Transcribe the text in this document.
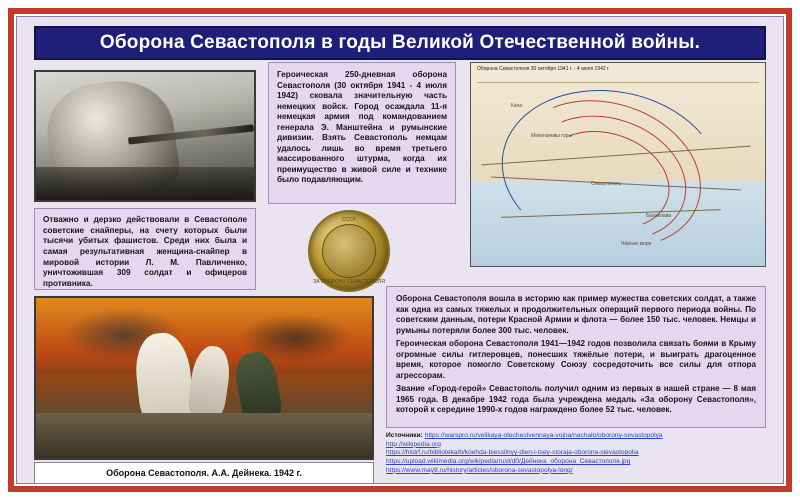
Оборона Севастополя в годы Великой Отечественной войны.
Героическая 250-дневная оборона Севастополя (30 октября 1941 - 4 июля 1942) сковала значительную часть немецких войск. Город осаждала 11-я немецкая армия под командованием генерала Э. Манштейна и румынские дивизии. Взять Севастополь немцам удалось лишь во время третьего массированного штурма, когда их преимущество в живой силе и технике было подавляющим.
Оборона Севастополя 30 октября 1941 г. - 4 июля 1942 г.
Севастополь
Чёрное море
Балаклава
Мекензиевы горы
Кача
Отважно и дерзко действовали в Севастополе советские снайперы, на счету которых были тысячи убитых фашистов. Среди них была и самая результативная женщина-снайпер в мировой истории Л. М. Павличенко, уничтожившая 309 солдат и офицеров противника.
СССР
ЗА ОБОРОНУ СЕВАСТОПОЛЯ
Оборона Севастополя. А.А. Дейнека. 1942 г.

Оборона Севастополя вошла в историю как пример мужества советских солдат, а также как одна из самых тяжелых и продолжительных операций первого периода войны. По советским данным, потери Красной Армии и флота — более 150 тыс. человек. Немцы и румыны потеряли более 300 тыс. человек.

Героическая оборона Севастополя 1941—1942 годов позволила связать боями в Крыму огромные силы гитлеровцев, понесших тяжёлые потери, и выиграть драгоценное время, которое помогло Советскому Союзу сосредоточить все силы для отпора агрессорам.

Звание «Город-герой» Севастополь получил одним из первых в нашей стране — 8 мая 1965 года. В декабре 1942 года была учреждена медаль «За оборону Севастополя», которой к середине 1990-х годов награждено более 52 тыс. человек.

Источники: https://warspro.ru/velikaya-otechestvennaya-vojna/nachalo/oborony-sevastopolya
http://wikipedia.org
https://histrf.ru/biblioteka/b/koehda-biessilnyy-dien-i-tsey-storaja-oborona-sievastopolia
https://upload.wikimedia.org/wikipedia/ru/d/d0/Дейнека_оборона_Севастополя.jpg
https://www.may9.ru/history/articles/oborona-sevastopolya-long/
